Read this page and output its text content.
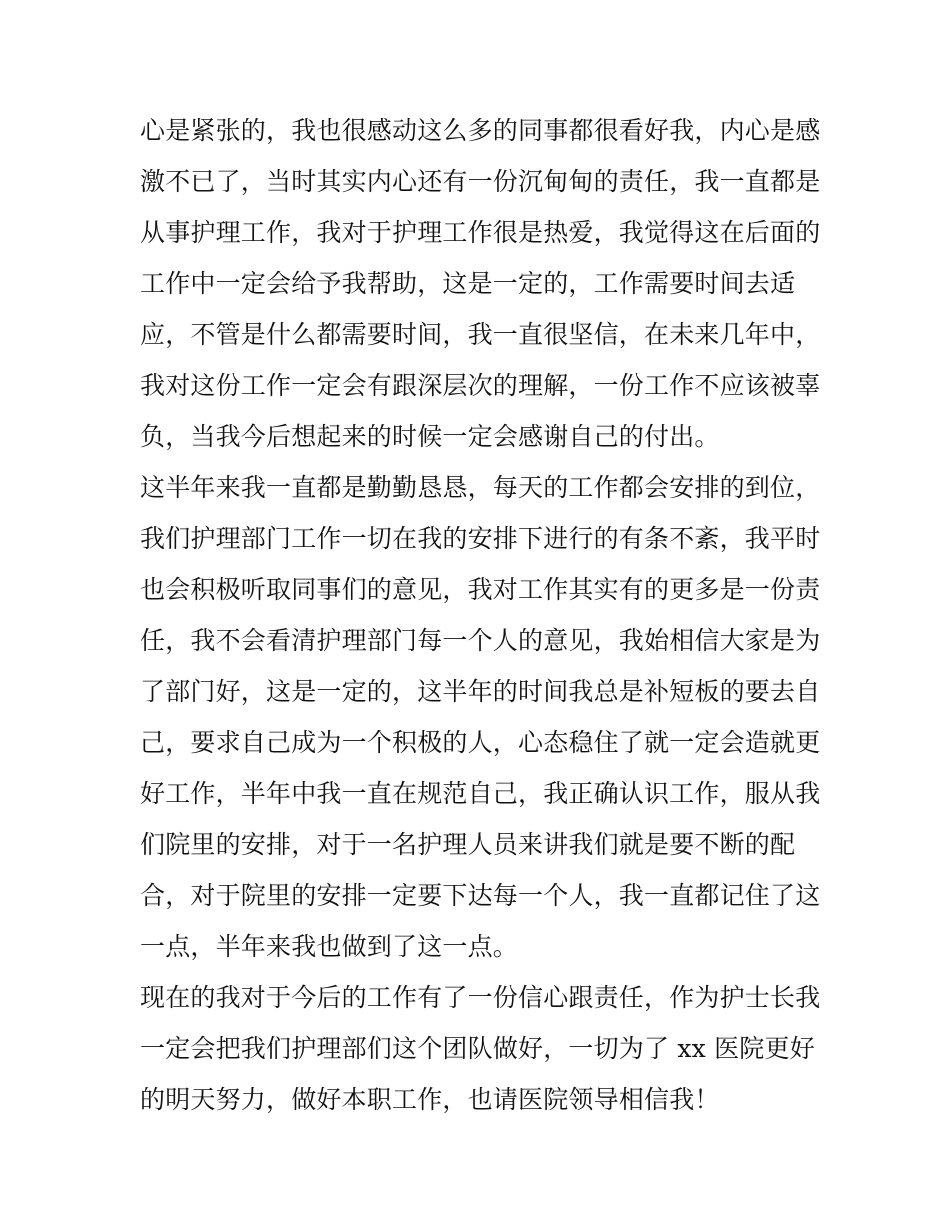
心是紧张的，我也很感动这么多的同事都很看好我，内心是感
激不已了，当时其实内心还有一份沉甸甸的责任，我一直都是
从事护理工作，我对于护理工作很是热爱，我觉得这在后面的
工作中一定会给予我帮助，这是一定的，工作需要时间去适
应，不管是什么都需要时间，我一直很坚信，在未来几年中，
我对这份工作一定会有跟深层次的理解，一份工作不应该被辜
负，当我今后想起来的时候一定会感谢自己的付出。
这半年来我一直都是勤勤恳恳，每天的工作都会安排的到位，
我们护理部门工作一切在我的安排下进行的有条不紊，我平时
也会积极听取同事们的意见，我对工作其实有的更多是一份责
任，我不会看清护理部门每一个人的意见，我始相信大家是为
了部门好，这是一定的，这半年的时间我总是补短板的要去自
己，要求自己成为一个积极的人，心态稳住了就一定会造就更
好工作，半年中我一直在规范自己，我正确认识工作，服从我
们院里的安排，对于一名护理人员来讲我们就是要不断的配
合，对于院里的安排一定要下达每一个人，我一直都记住了这
一点，半年来我也做到了这一点。
现在的我对于今后的工作有了一份信心跟责任，作为护士长我
一定会把我们护理部们这个团队做好，一切为了 xx 医院更好
的明天努力，做好本职工作，也请医院领导相信我！
